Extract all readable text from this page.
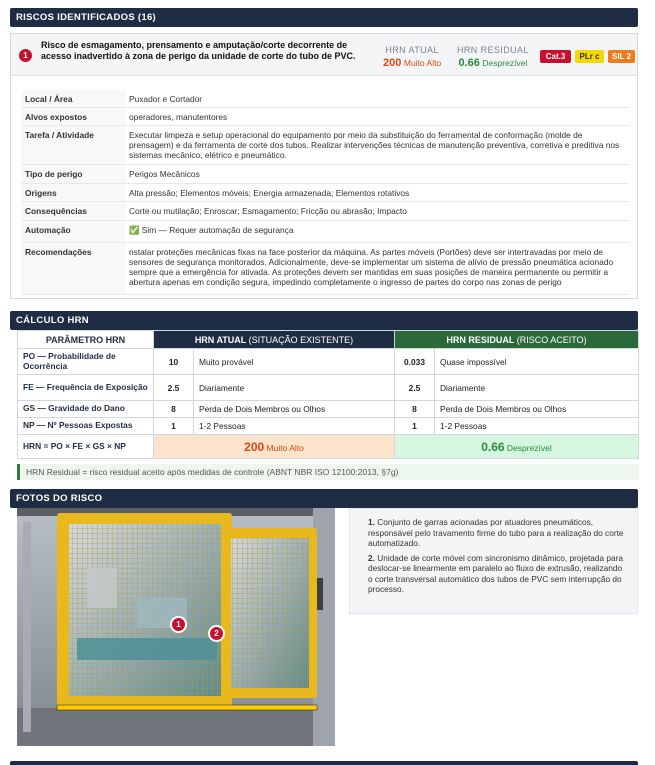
RISCOS IDENTIFICADOS (16)
1
Risco de esmagamento, prensamento e amputação/corte decorrente de acesso inadvertido à zona de perigo da unidade de corte do tubo de PVC.
HRN ATUAL
200 Muito Alto
HRN RESIDUAL
0.66 Desprezível
Cat.3	PLr c	SIL 2
Local / Área	Puxador e Cortador
Alvos expostos	operadores, manutentores
Tarefa / Atividade	Executar limpeza e setup operacional do equipamento por meio da substituição do ferramental de conformação (molde de prensagem) e da ferramenta de corte dos tubos. Realizar intervenções técnicas de manutenção preventiva, corretiva e preditiva nos sistemas mecânico, elétrico e pneumático.
Tipo de perigo	Perigos Mecânicos
Origens	Alta pressão; Elementos móveis; Energia armazenada; Elementos rotativos
Consequências	Corte ou mutilação; Enroscar; Esmagamento; Fricção ou abrasão; Impacto
Automação	✅ Sim — Requer automação de segurança
Recomendações	nstalar proteções mecânicas fixas na face posterior da máquina. As partes móveis (Portões) deve ser intertravadas por meio de sensores de segurança monitorados. Adicionalmente, deve-se implementar um sistema de alívio de pressão pneumática acionado sempre que a emergência for ativada. As proteções devem ser mantidas em suas posições de maneira permanente ou permitir a abertura apenas em condição segura, impedindo completamente o ingresso de partes do corpo nas zonas de perigo
CÁLCULO HRN
PARÂMETRO HRN	HRN ATUAL (SITUAÇÃO EXISTENTE)		HRN RESIDUAL (RISCO ACEITO)	
PO — Probabilidade de Ocorrência	10	Muito provável	0.033	Quase impossível
FE — Frequência de Exposição	2.5	Diariamente	2.5	Diariamente
GS — Gravidade do Dano	8	Perda de Dois Membros ou Olhos	8	Perda de Dois Membros ou Olhos
NP — Nº Pessoas Expostas	1	1-2 Pessoas	1	1-2 Pessoas
HRN = PO × FE × GS × NP	200 Muito Alto		0.66 Desprezível	
HRN Residual = risco residual aceito após medidas de controle (ABNT NBR ISO 12100:2013, §7g)
FOTOS DO RISCO
1
2
1. Conjunto de garras acionadas por atuadores pneumáticos, responsável pelo travamento firme do tubo para a realização do corte automatizado.
2. Unidade de corte móvel com sincronismo dinâmico, projetada para deslocar-se linearmente em paralelo ao fluxo de extrusão, realizando o corte transversal automático dos tubos de PVC sem interrupção do processo.
